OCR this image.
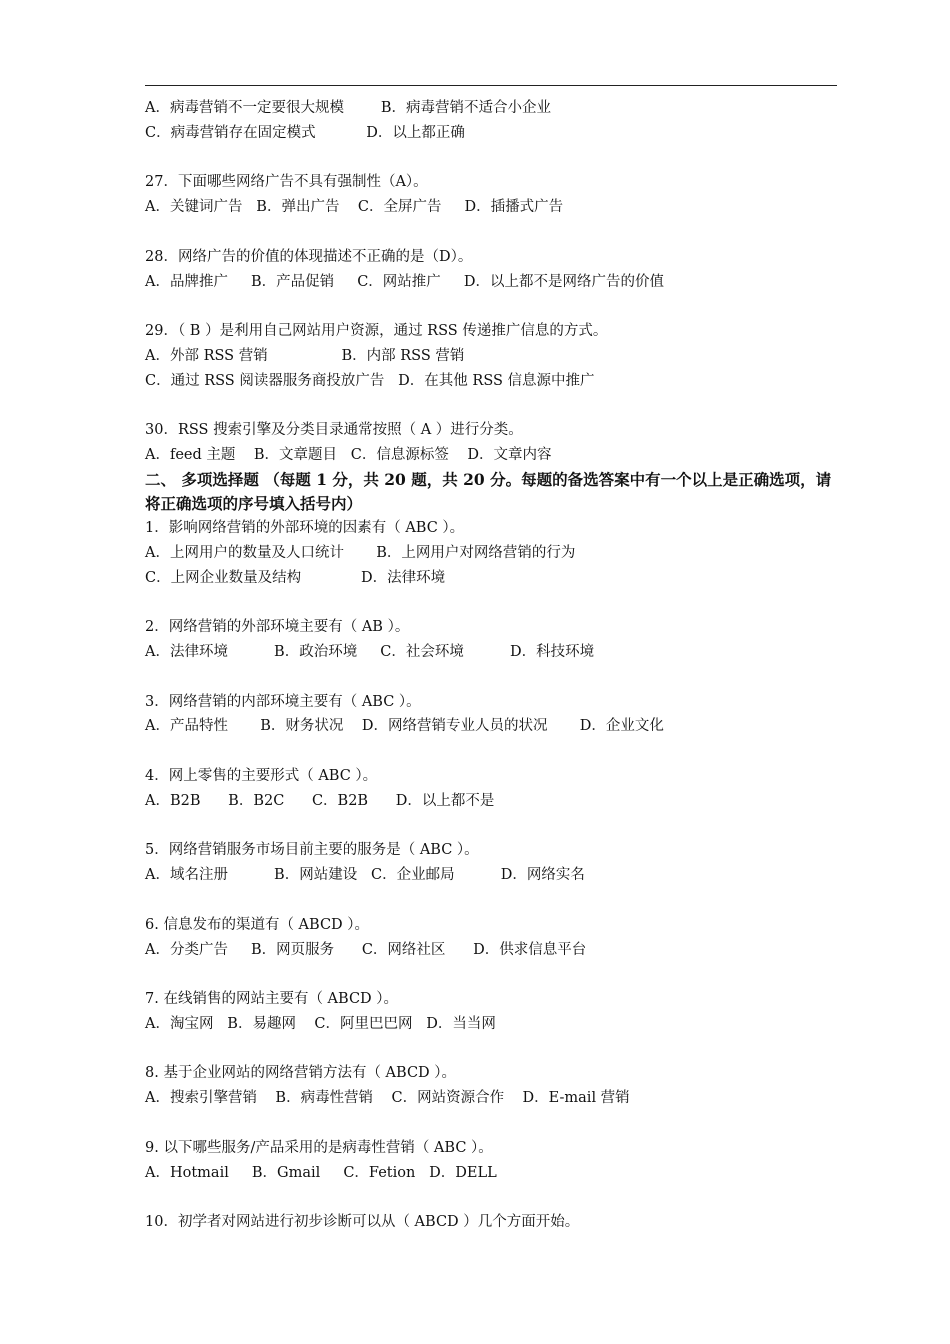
A．病毒营销不一定要很大规模        B．病毒营销不适合小企业
C．病毒营销存在固定模式           D．以上都正确
27．下面哪些网络广告不具有强制性（A）。
A．关键词广告   B．弹出广告    C．全屏广告     D．插播式广告
28．网络广告的价值的体现描述不正确的是（D）。
A．品牌推广     B．产品促销     C．网站推广     D．以上都不是网络广告的价值
29．（ B ）是利用自己网站用户资源，通过 RSS 传递推广信息的方式。
A．外部 RSS 营销                B．内部 RSS 营销
C．通过 RSS 阅读器服务商投放广告   D．在其他 RSS 信息源中推广
30．RSS 搜索引擎及分类目录通常按照（ A ）进行分类。
A．feed 主题    B．文章题目   C．信息源标签    D．文章内容
二、 多项选择题 （每题 1 分，共 20 题，共 20 分。每题的备选答案中有一个以上是正确选项，请将正确选项的序号填入括号内）
1．影响网络营销的外部环境的因素有（ ABC ）。
A．上网用户的数量及人口统计       B．上网用户对网络营销的行为
C．上网企业数量及结构             D．法律环境
2．网络营销的外部环境主要有（ AB ）。
A．法律环境          B．政治环境     C．社会环境          D．科技环境
3．网络营销的内部环境主要有（ ABC ）。
A．产品特性       B．财务状况    D．网络营销专业人员的状况       D．企业文化
4．网上零售的主要形式（ ABC ）。
A．B2B      B．B2C      C．B2B      D．以上都不是
5．网络营销服务市场目前主要的服务是（ ABC ）。
A．域名注册          B．网站建设   C．企业邮局          D．网络实名
6. 信息发布的渠道有（ ABCD ）。
A．分类广告     B．网页服务      C．网络社区      D．供求信息平台
7. 在线销售的网站主要有（ ABCD ）。
A．淘宝网   B．易趣网    C．阿里巴巴网   D．当当网
8. 基于企业网站的网络营销方法有（ ABCD ）。
A．搜索引擎营销    B．病毒性营销    C．网站资源合作    D．E-mail 营销
9. 以下哪些服务/产品采用的是病毒性营销（ ABC ）。
A．Hotmail     B．Gmail     C．Fetion   D．DELL
10．初学者对网站进行初步诊断可以从（ ABCD ）几个方面开始。
